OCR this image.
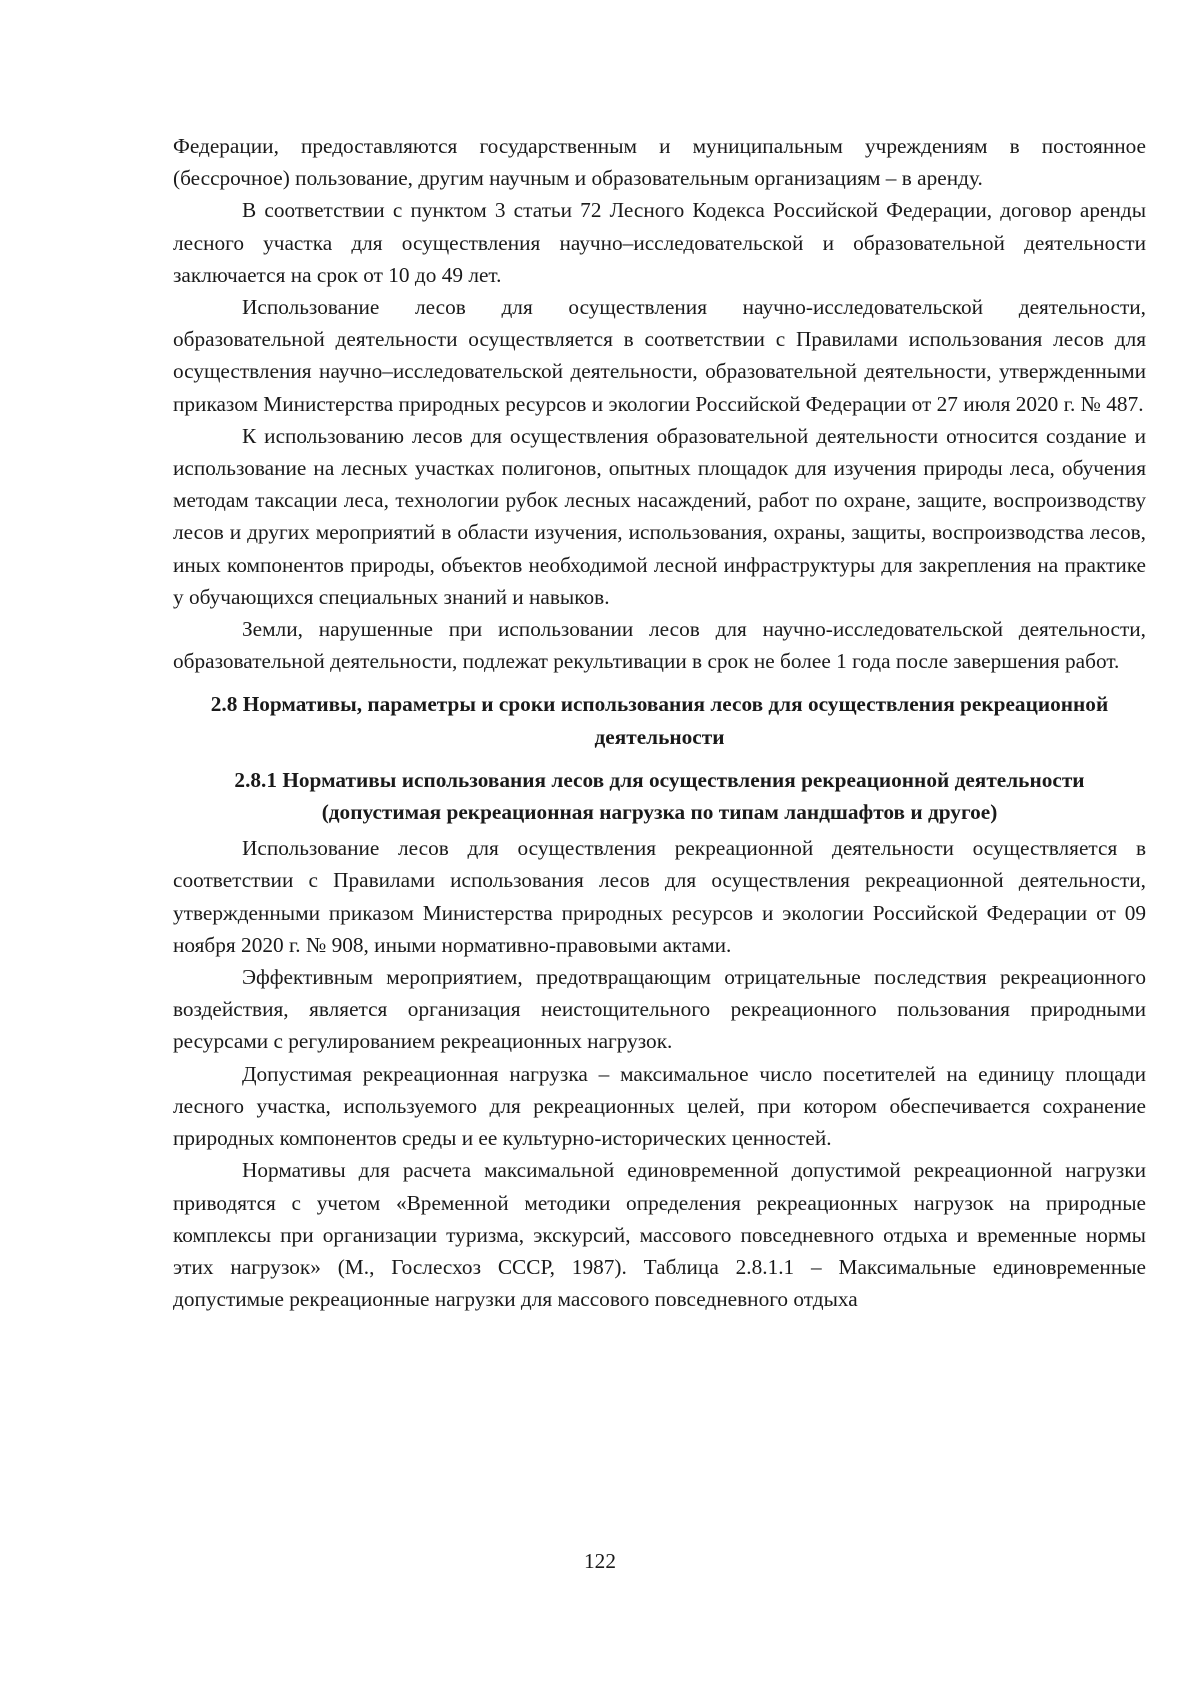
Федерации, предоставляются государственным и муниципальным учреждениям в постоянное (бессрочное) пользование, другим научным и образовательным организациям – в аренду.

В соответствии с пунктом 3 статьи 72 Лесного Кодекса Российской Федерации, договор аренды лесного участка для осуществления научно–исследовательской и образовательной деятельности заключается на срок от 10 до 49 лет.

Использование лесов для осуществления научно-исследовательской деятельности, образовательной деятельности осуществляется в соответствии с Правилами использования лесов для осуществления научно–исследовательской деятельности, образовательной деятельности, утвержденными приказом Министерства природных ресурсов и экологии Российской Федерации от 27 июля 2020 г. № 487.

К использованию лесов для осуществления образовательной деятельности относится создание и использование на лесных участках полигонов, опытных площадок для изучения природы леса, обучения методам таксации леса, технологии рубок лесных насаждений, работ по охране, защите, воспроизводству лесов и других мероприятий в области изучения, использования, охраны, защиты, воспроизводства лесов, иных компонентов природы, объектов необходимой лесной инфраструктуры для закрепления на практике у обучающихся специальных знаний и навыков.

Земли, нарушенные при использовании лесов для научно-исследовательской деятельности, образовательной деятельности, подлежат рекультивации в срок не более 1 года после завершения работ.

2.8 Нормативы, параметры и сроки использования лесов для осуществления рекреационной деятельности
2.8.1 Нормативы использования лесов для осуществления рекреационной деятельности (допустимая рекреационная нагрузка по типам ландшафтов и другое)

Использование лесов для осуществления рекреационной деятельности осуществляется в соответствии с Правилами использования лесов для осуществления рекреационной деятельности, утвержденными приказом Министерства природных ресурсов и экологии Российской Федерации от 09 ноября 2020 г. № 908, иными нормативно-правовыми актами.

Эффективным мероприятием, предотвращающим отрицательные последствия рекреационного воздействия, является организация неистощительного рекреационного пользования природными ресурсами с регулированием рекреационных нагрузок.

Допустимая рекреационная нагрузка – максимальное число посетителей на единицу площади лесного участка, используемого для рекреационных целей, при котором обеспечивается сохранение природных компонентов среды и ее культурно-исторических ценностей.

Нормативы для расчета максимальной единовременной допустимой рекреационной нагрузки приводятся с учетом «Временной методики определения рекреационных нагрузок на природные комплексы при организации туризма, экскурсий, массового повседневного отдыха и временные нормы этих нагрузок» (М., Гослесхоз СССР, 1987). Таблица 2.8.1.1 – Максимальные единовременные допустимые рекреационные нагрузки для массового повседневного отдыха

122
